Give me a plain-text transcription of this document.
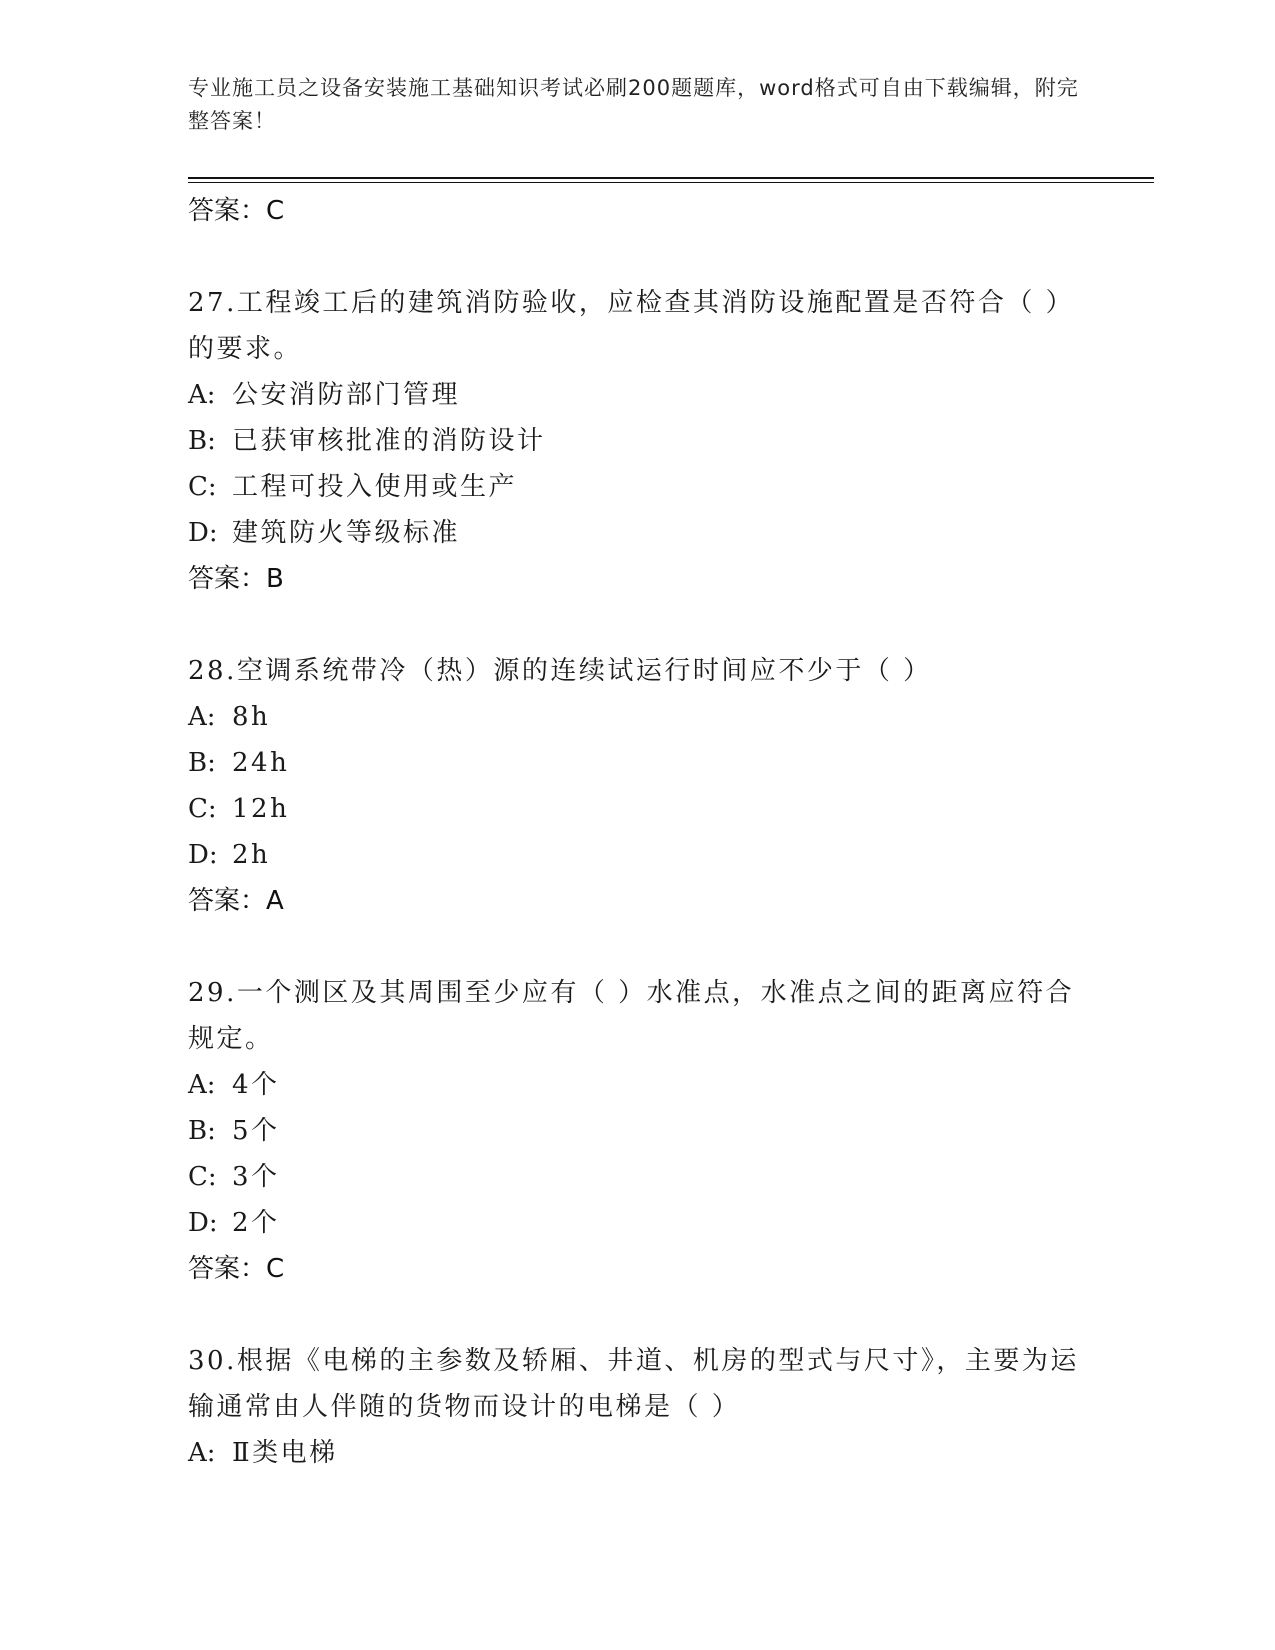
专业施工员之设备安装施工基础知识考试必刷200题题库，word格式可自由下载编辑，附完整答案！
答案：C

27.工程竣工后的建筑消防验收，应检查其消防设施配置是否符合（ ）的要求。

A: 公安消防部门管理
B: 已获审核批准的消防设计
C: 工程可投入使用或生产
D: 建筑防火等级标准
答案：B

28.空调系统带冷（热）源的连续试运行时间应不少于（ ）

A: 8h
B: 24h
C: 12h
D: 2h
答案：A

29.一个测区及其周围至少应有（ ）水准点，水准点之间的距离应符合规定。

A: 4个
B: 5个
C: 3个
D: 2个
答案：C

30.根据《电梯的主参数及轿厢、井道、机房的型式与尺寸》，主要为运输通常由人伴随的货物而设计的电梯是（ ）

A: Ⅱ类电梯
